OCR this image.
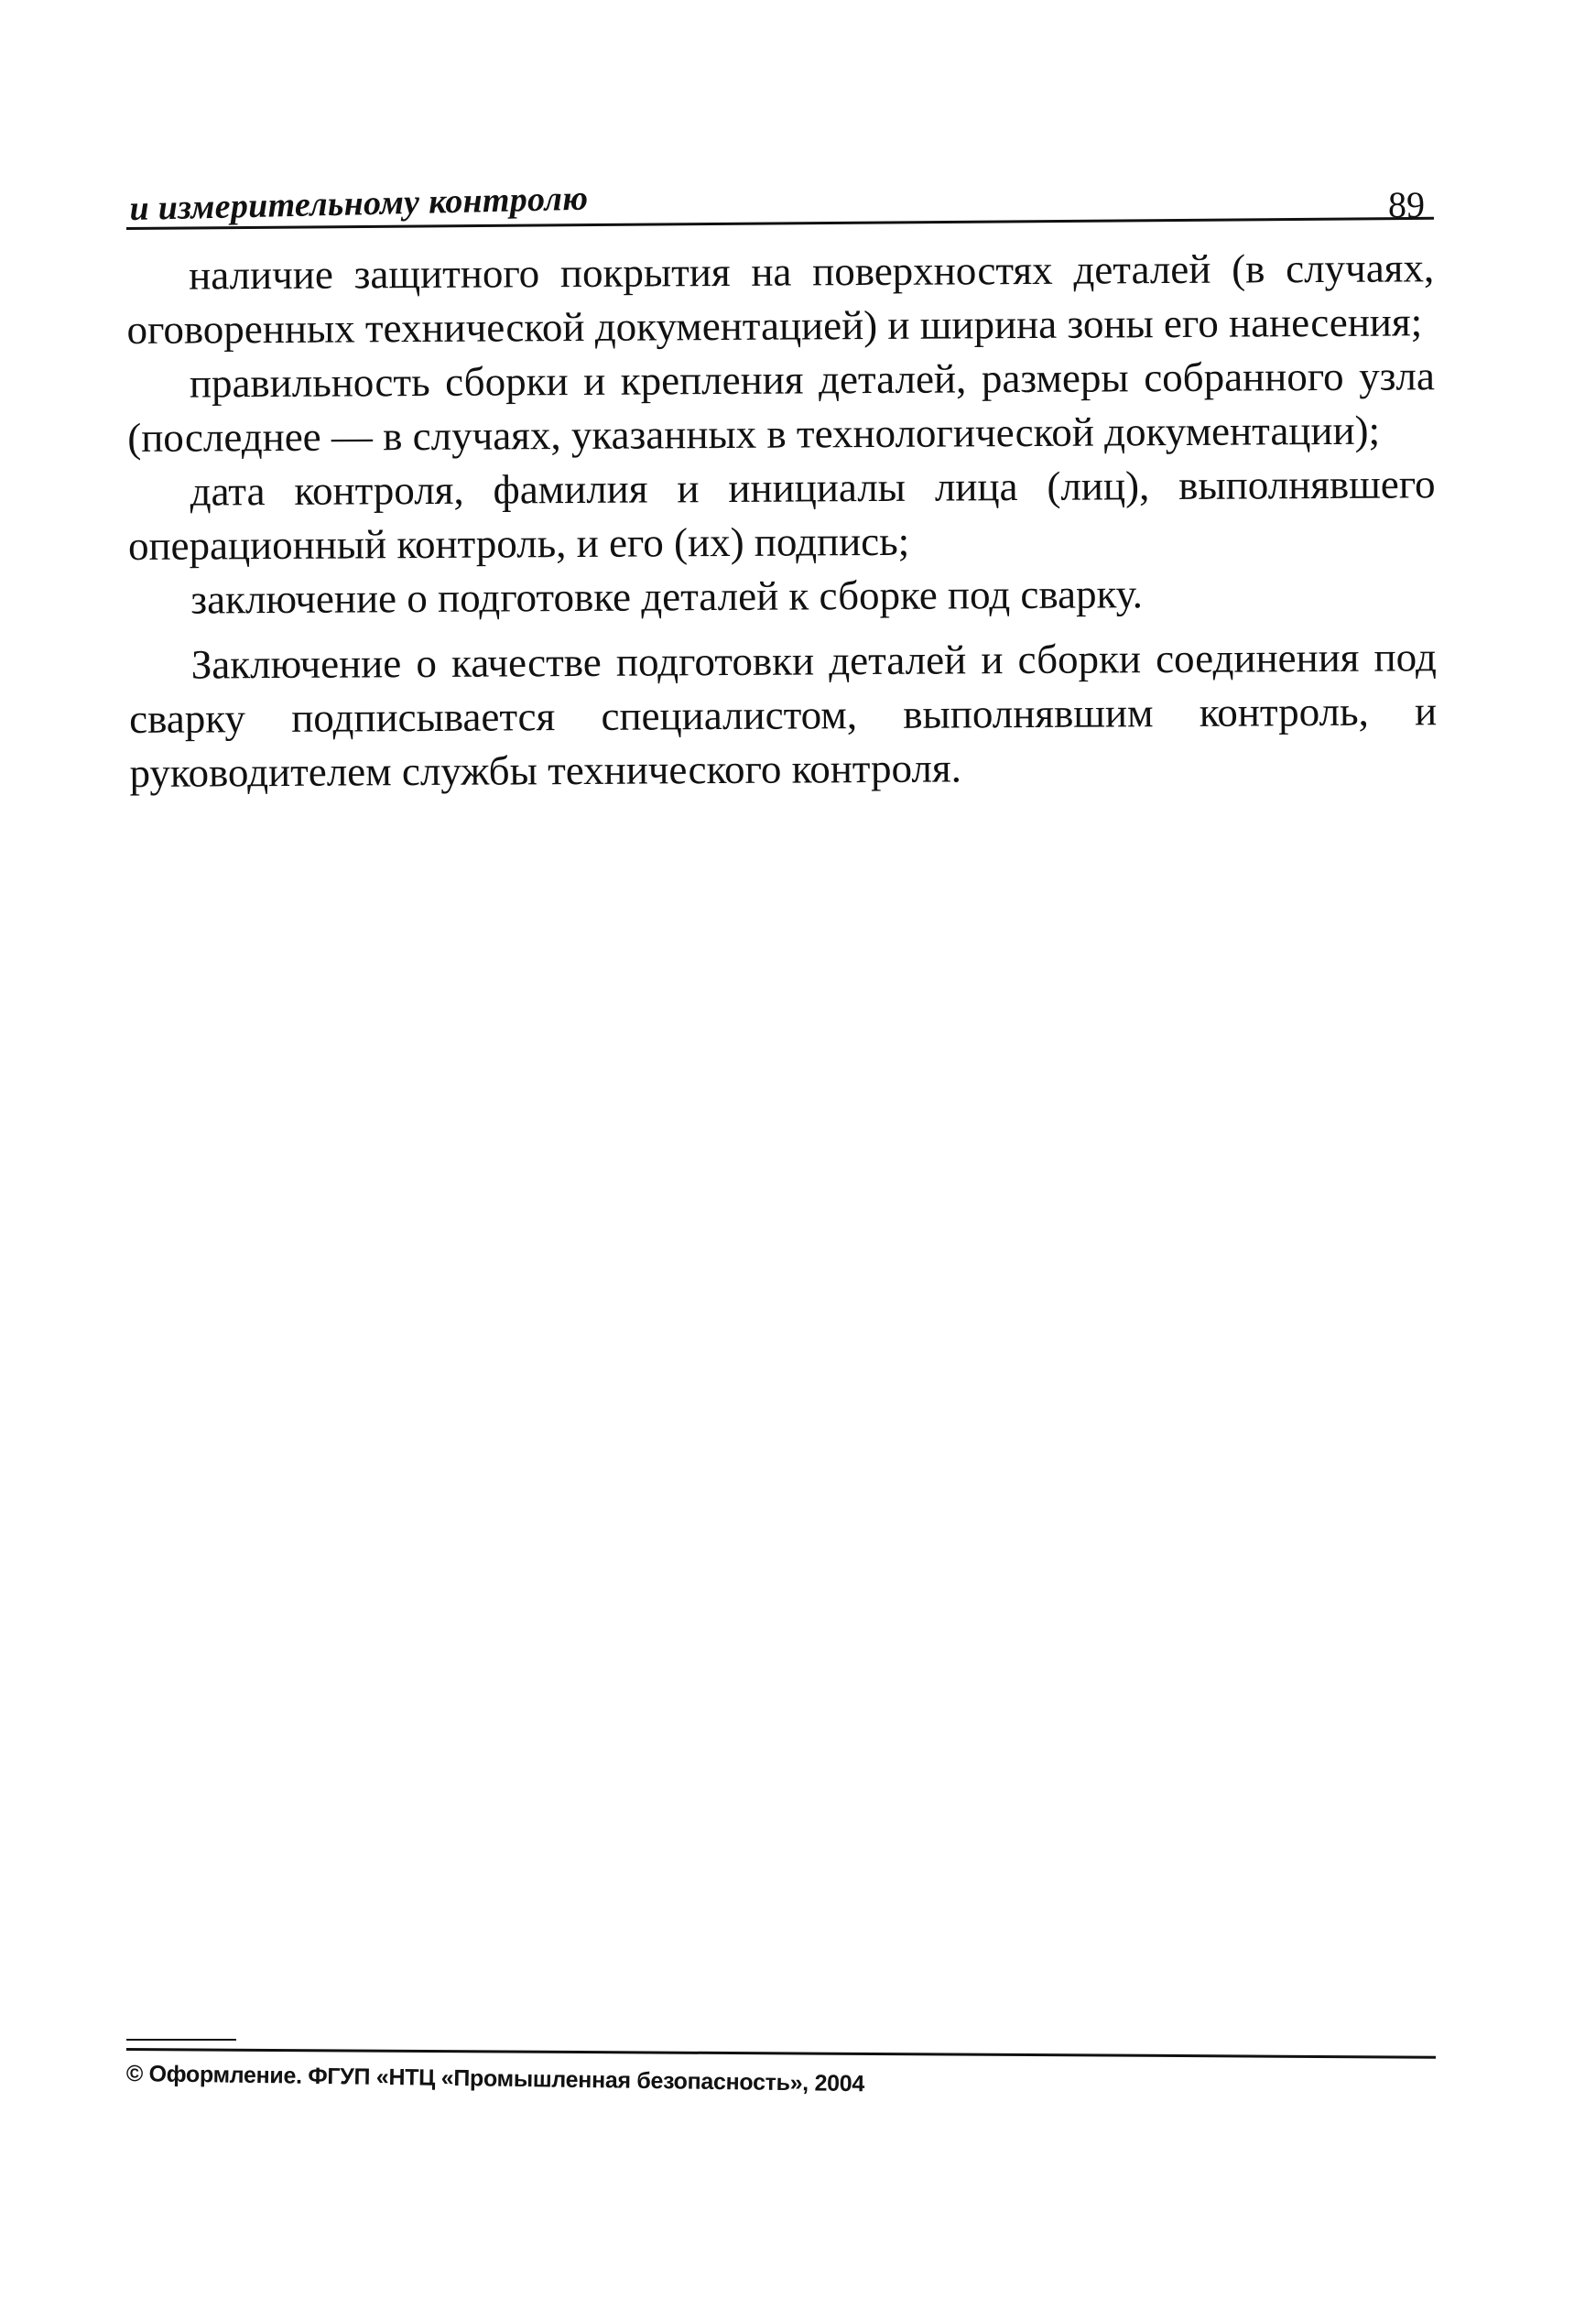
и измерительному контролю	89

наличие защитного покрытия на поверхностях деталей (в случаях, оговоренных технической документацией) и ширина зоны его нанесения;

правильность сборки и крепления деталей, размеры собранного узла (последнее — в случаях, указанных в технологической документации);

дата контроля, фамилия и инициалы лица (лиц), выполнявшего операционный контроль, и его (их) подпись;

заключение о подготовке деталей к сборке под сварку.

Заключение о качестве подготовки деталей и сборки соединения под сварку подписывается специалистом, выполнявшим контроль, и руководителем службы технического контроля.

© Оформление. ФГУП «НТЦ «Промышленная безопасность», 2004
